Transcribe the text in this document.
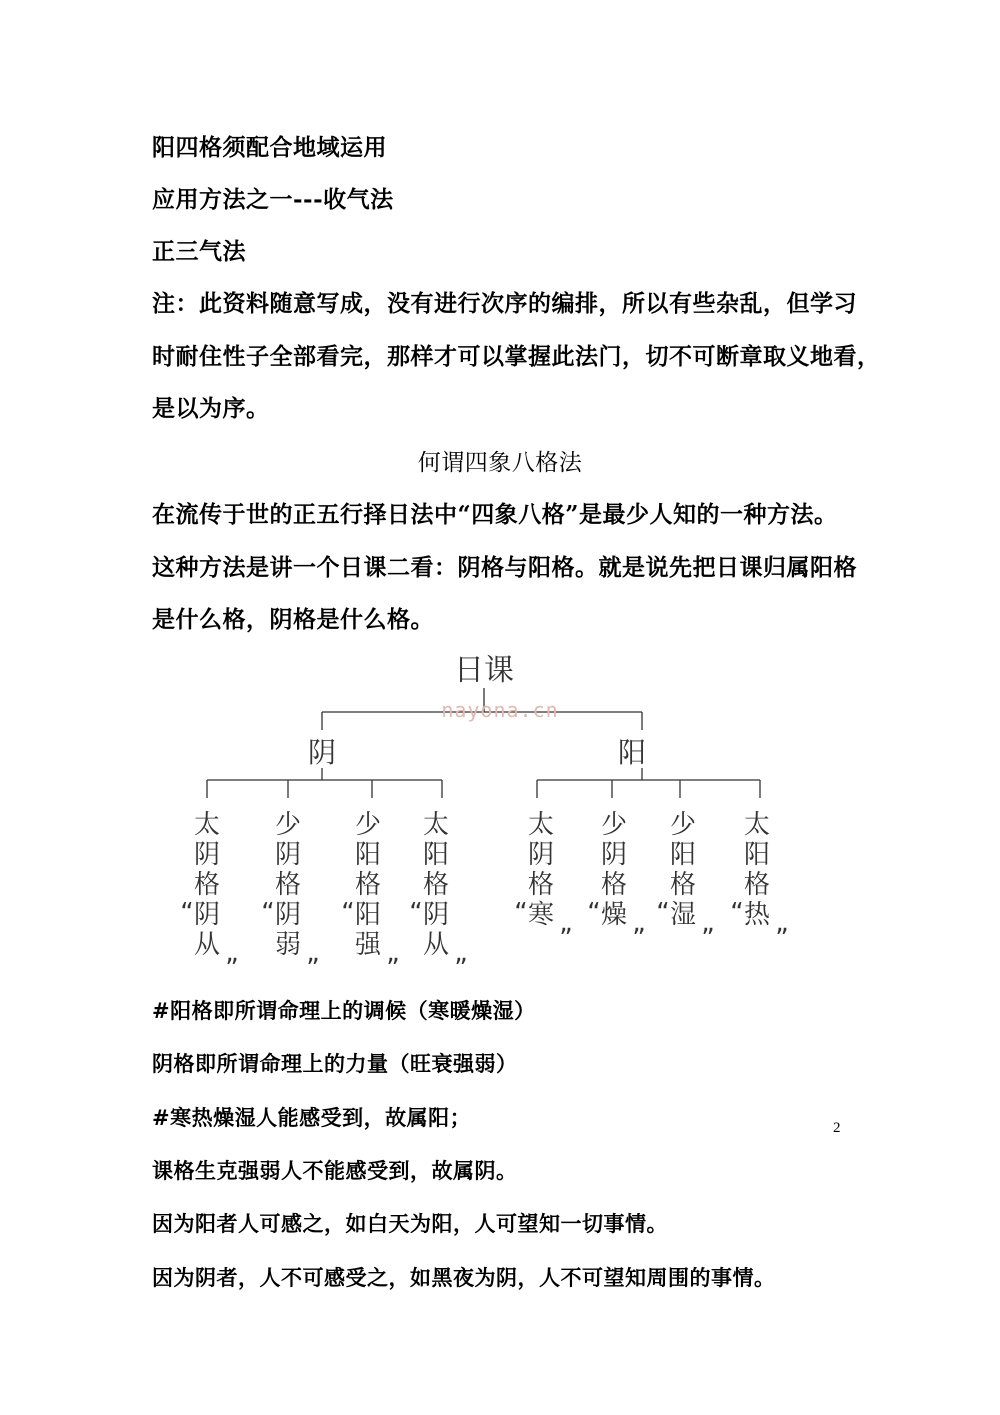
阳四格须配合地域运用
应用方法之一---收气法
正三气法
注：此资料随意写成，没有进行次序的编排，所以有些杂乱，但学习
时耐住性子全部看完，那样才可以掌握此法门，切不可断章取义地看，
是以为序。
何谓四象八格法
在流传于世的正五行择日法中“四象八格”是最少人知的一种方法。
这种方法是讲一个日课二看：阴格与阳格。就是说先把日课归属阳格
是什么格，阴格是什么格。
日课
nayona.cn
阴	阳
太
阴
格
“ 阴
从 „
少
阴
格
“ 阴
弱 „
少
阳
格
“ 阳
强 „
太
阳
格
“ 阴
从 „
太
阴
格
“ 寒 „
少
阴
格
“ 燥 „
少
阳
格
“ 湿 „
太
阳
格
“ 热 „
#阳格即所谓命理上的调候（寒暖燥湿）
阴格即所谓命理上的力量（旺衰强弱）
#寒热燥湿人能感受到，故属阳；
课格生克强弱人不能感受到，故属阴。
因为阳者人可感之，如白天为阳，人可望知一切事情。
因为阴者，人不可感受之，如黑夜为阴，人不可望知周围的事情。
2
